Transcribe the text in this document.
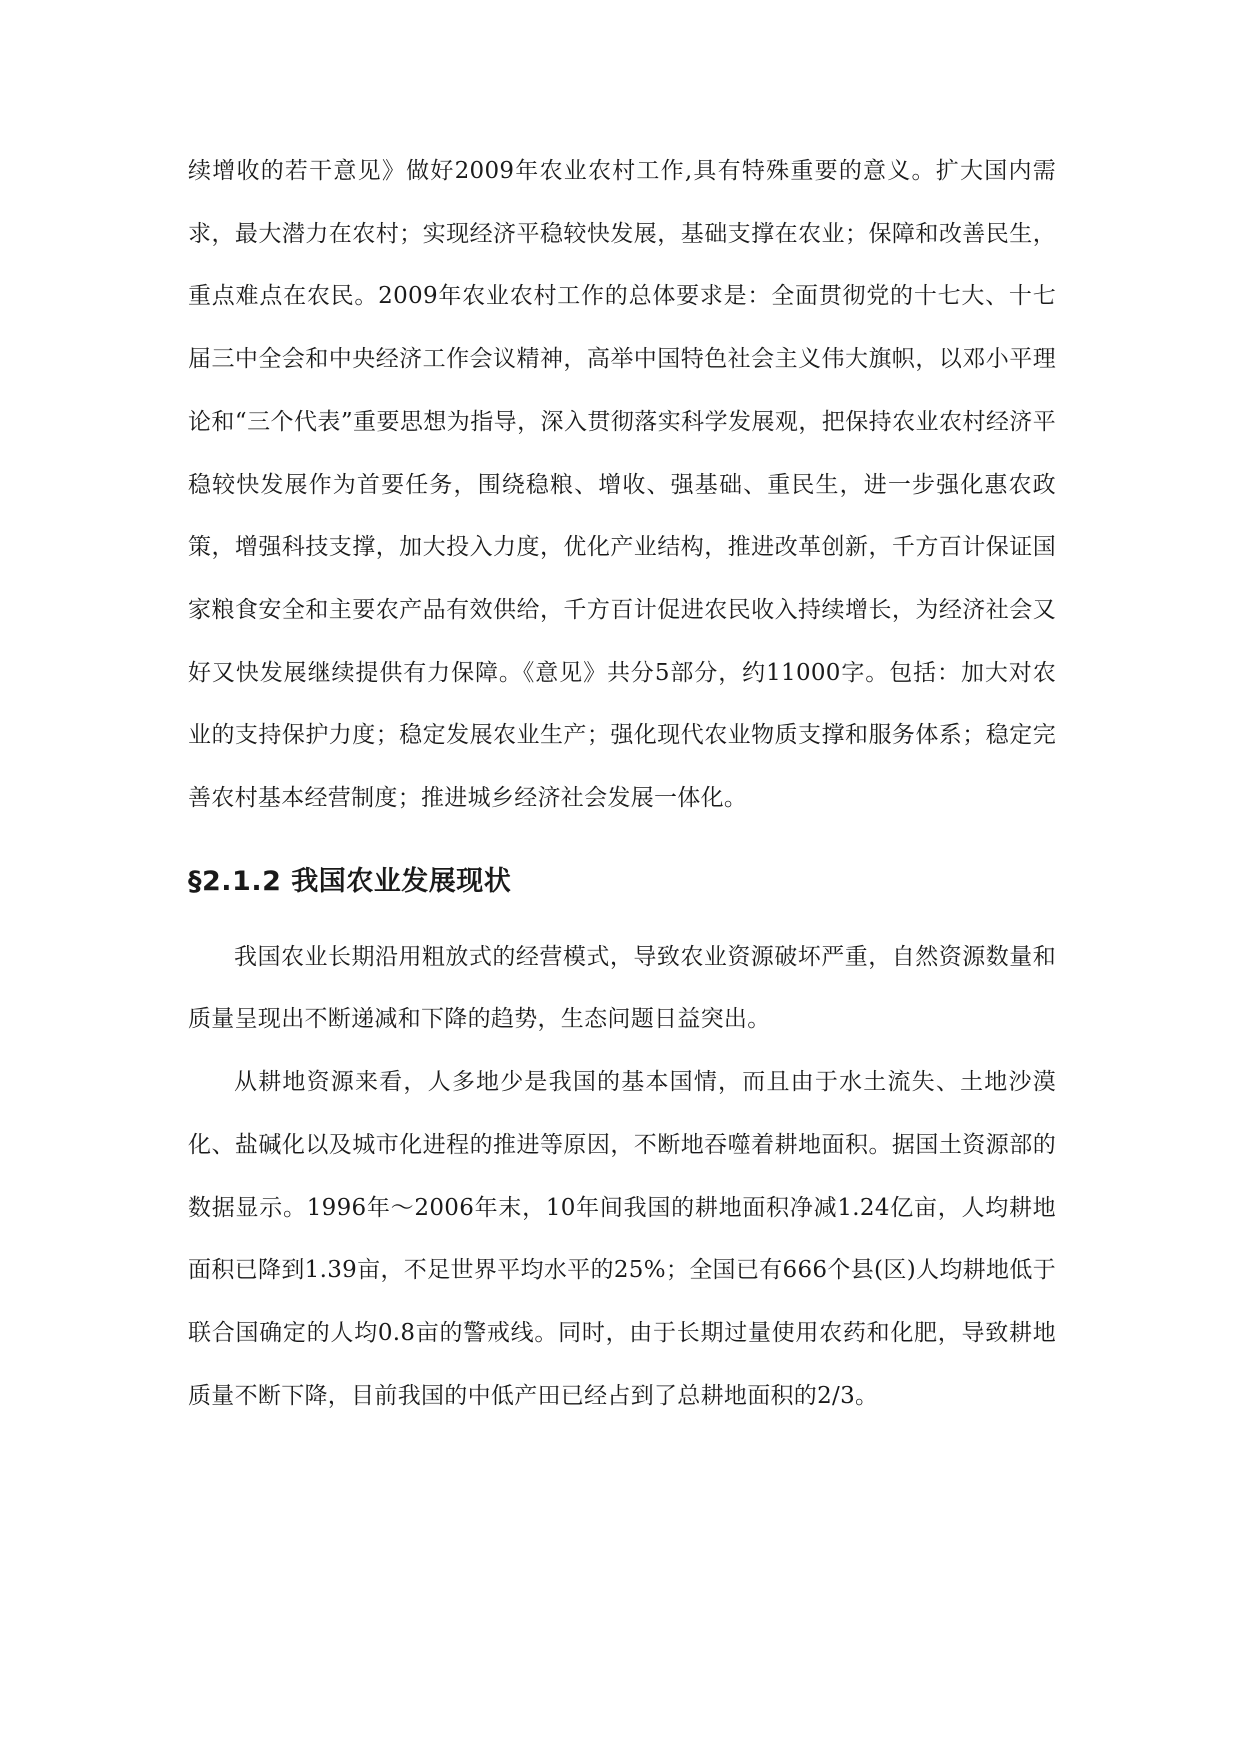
续增收的若干意见》做好2009年农业农村工作,具有特殊重要的意义。扩大国内需求，最大潜力在农村；实现经济平稳较快发展，基础支撑在农业；保障和改善民生，重点难点在农民。2009年农业农村工作的总体要求是：全面贯彻党的十七大、十七届三中全会和中央经济工作会议精神，高举中国特色社会主义伟大旗帜，以邓小平理论和“三个代表”重要思想为指导，深入贯彻落实科学发展观，把保持农业农村经济平稳较快发展作为首要任务，围绕稳粮、增收、强基础、重民生，进一步强化惠农政策，增强科技支撑，加大投入力度，优化产业结构，推进改革创新，千方百计保证国家粮食安全和主要农产品有效供给，千方百计促进农民收入持续增长，为经济社会又好又快发展继续提供有力保障。《意见》共分5部分，约11000字。包括：加大对农业的支持保护力度；稳定发展农业生产；强化现代农业物质支撑和服务体系；稳定完善农村基本经营制度；推进城乡经济社会发展一体化。

§2.1.2 我国农业发展现状

我国农业长期沿用粗放式的经营模式，导致农业资源破坏严重，自然资源数量和质量呈现出不断递减和下降的趋势，生态问题日益突出。

从耕地资源来看，人多地少是我国的基本国情，而且由于水土流失、土地沙漠化、盐碱化以及城市化进程的推进等原因，不断地吞噬着耕地面积。据国土资源部的数据显示。1996年～2006年末，10年间我国的耕地面积净减1.24亿亩，人均耕地面积已降到1.39亩，不足世界平均水平的25%；全国已有666个县(区)人均耕地低于联合国确定的人均0.8亩的警戒线。同时，由于长期过量使用农药和化肥，导致耕地质量不断下降，目前我国的中低产田已经占到了总耕地面积的2/3。
